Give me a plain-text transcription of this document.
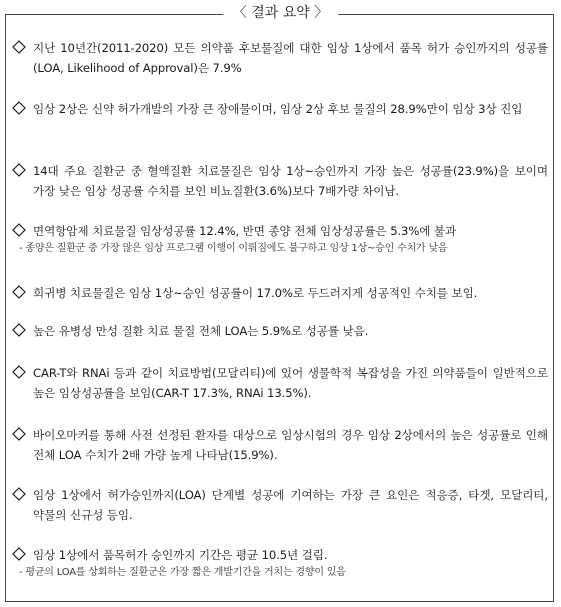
〈 결과 요약 〉
지난 10년간(2011-2020) 모든 의약품 후보물질에 대한 임상 1상에서 품목 허가 승인까지의 성공률(LOA, Likelihood of Approval)은 7.9%
임상 2상은 신약 허가개발의 가장 큰 장애물이며, 임상 2상 후보 물질의 28.9%만이 임상 3상 진입
14대 주요 질환군 중 혈액질환 치료물질은 임상 1상~승인까지 가장 높은 성공률(23.9%)을 보이며 가장 낮은 임상 성공률 수치를 보인 비뇨질환(3.6%)보다 7배가량 차이남.
면역항암제 치료물질 임상성공률 12.4%, 반면 종양 전체 임상성공률은 5.3%에 불과
- 종양은 질환군 중 가장 많은 임상 프로그램 이행이 이뤄짐에도 불구하고 임상 1상~승인 수치가 낮음
희귀병 치료물질은 임상 1상~승인 성공률이 17.0%로 두드러지게 성공적인 수치를 보임.
높은 유병성 만성 질환 치료 물질 전체 LOA는 5.9%로 성공률 낮음.
CAR-T와 RNAi 등과 같이 치료방법(모달리티)에 있어 생물학적 복잡성을 가진 의약품들이 일반적으로 높은 임상성공률을 보임(CAR-T 17.3%, RNAi 13.5%).
바이오마커를 통해 사전 선정된 환자를 대상으로 임상시험의 경우 임상 2상에서의 높은 성공률로 인해 전체 LOA 수치가 2배 가량 높게 나타남(15.9%).
임상 1상에서 허가승인까지(LOA) 단계별 성공에 기여하는 가장 큰 요인은 적응증, 타겟, 모달리티, 약물의 신규성 등임.
임상 1상에서 품목허가 승인까지 기간은 평균 10.5년 걸림.
- 평균의 LOA를 상회하는 질환군은 가장 짧은 개발기간을 거치는 경향이 있음
